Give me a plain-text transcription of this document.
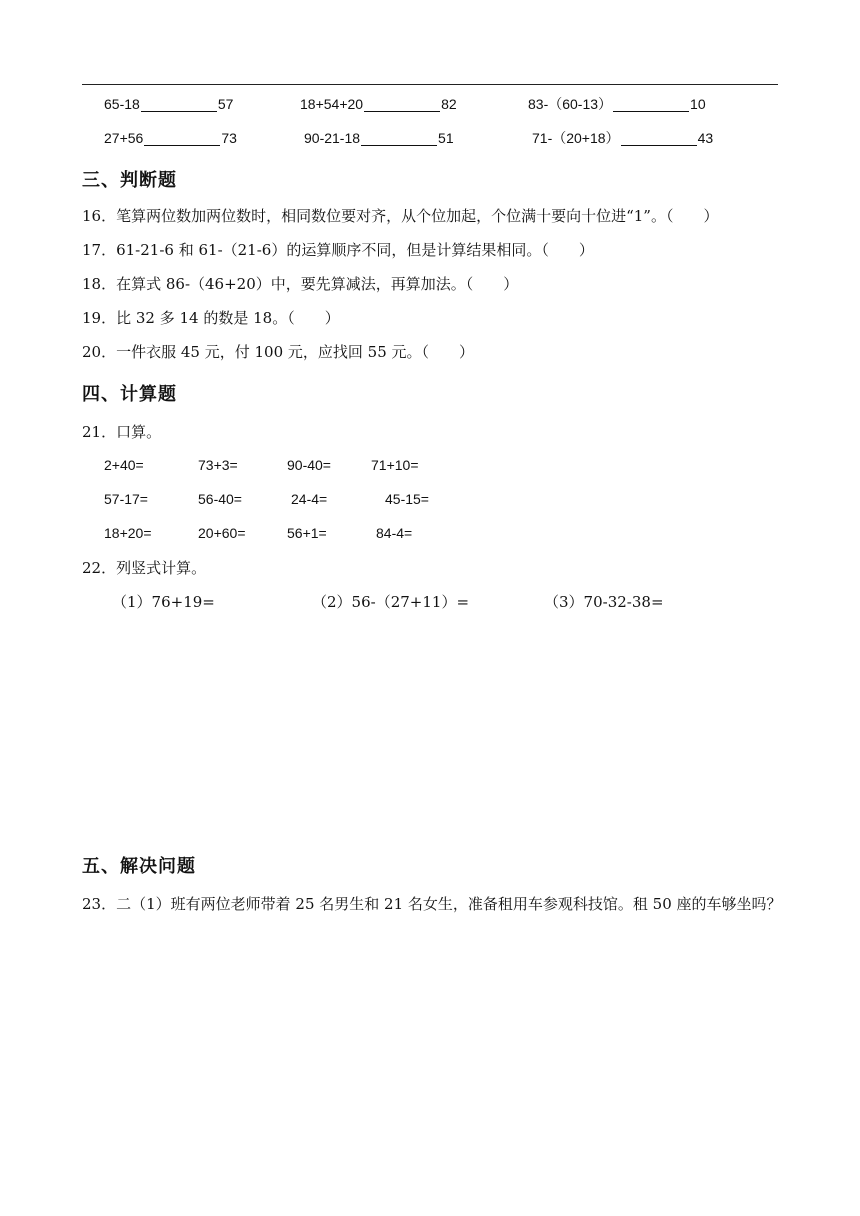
65-18	57	18+54+20	82	83-（60-13）	10
27+56	73	90-21-18	51	71-（20+18）	43
三、判断题
16．笔算两位数加两位数时，相同数位要对齐，从个位加起，个位满十要向十位进“1”。（　　）
17．61-21-6 和 61-（21-6）的运算顺序不同，但是计算结果相同。（　　）
18．在算式 86-（46+20）中，要先算减法，再算加法。（　　）
19．比 32 多 14 的数是 18。（　　）
20．一件衣服 45 元，付 100 元，应找回 55 元。（　　）
四、计算题
21．口算。
2+40=	73+3=	90-40=	71+10=
57-17=	56-40=	24-4=	45-15=
18+20=	20+60=	56+1=	84-4=
22．列竖式计算。
（1）76+19=	（2）56-（27+11）=	（3）70-32-38=
五、解决问题
23．二（1）班有两位老师带着 25 名男生和 21 名女生，准备租用车参观科技馆。租 50 座的车够坐吗？
